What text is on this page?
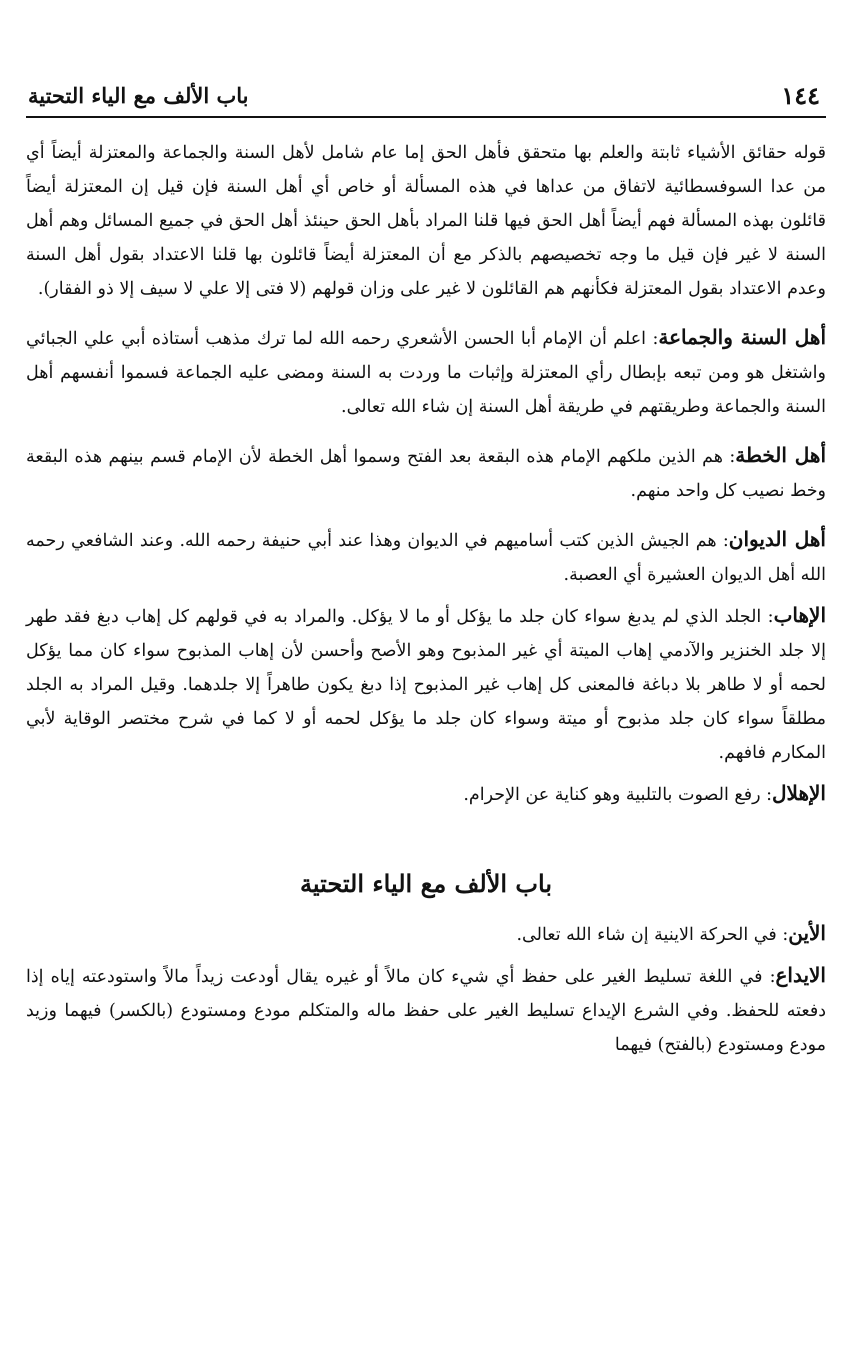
١٤٤
باب الألف مع الياء التحتية

قوله حقائق الأشياء ثابتة والعلم بها متحقق فأهل الحق إما عام شامل لأهل السنة والجماعة والمعتزلة أيضاً أي من عدا السوفسطائية لاتفاق من عداها في هذه المسألة أو خاص أي أهل السنة فإن قيل إن المعتزلة أيضاً قائلون بهذه المسألة فهم أيضاً أهل الحق فيها قلنا المراد بأهل الحق حينئذ أهل الحق في جميع المسائل وهم أهل السنة لا غير فإن قيل ما وجه تخصيصهم بالذكر مع أن المعتزلة أيضاً قائلون بها قلنا الاعتداد بقول أهل السنة وعدم الاعتداد بقول المعتزلة فكأنهم هم القائلون لا غير على وزان قولهم (لا فتى إلا علي لا سيف إلا ذو الفقار).

أهل السنة والجماعة: اعلم أن الإمام أبا الحسن الأشعري رحمه الله لما ترك مذهب أستاذه أبي علي الجبائي واشتغل هو ومن تبعه بإبطال رأي المعتزلة وإثبات ما وردت به السنة ومضى عليه الجماعة فسموا أنفسهم أهل السنة والجماعة وطريقتهم في طريقة أهل السنة إن شاء الله تعالى.

أهل الخطة: هم الذين ملكهم الإمام هذه البقعة بعد الفتح وسموا أهل الخطة لأن الإمام قسم بينهم هذه البقعة وخط نصيب كل واحد منهم.

أهل الديوان: هم الجيش الذين كتب أساميهم في الديوان وهذا عند أبي حنيفة رحمه الله. وعند الشافعي رحمه الله أهل الديوان العشيرة أي العصبة.

الإهاب: الجلد الذي لم يدبغ سواء كان جلد ما يؤكل أو ما لا يؤكل. والمراد به في قولهم كل إهاب دبغ فقد طهر إلا جلد الخنزير والآدمي إهاب الميتة أي غير المذبوح وهو الأصح وأحسن لأن إهاب المذبوح سواء كان مما يؤكل لحمه أو لا طاهر بلا دباغة فالمعنى كل إهاب غير المذبوح إذا دبغ يكون طاهراً إلا جلدهما. وقيل المراد به الجلد مطلقاً سواء كان جلد مذبوح أو ميتة وسواء كان جلد ما يؤكل لحمه أو لا كما في شرح مختصر الوقاية لأبي المكارم فافهم.

الإهلال: رفع الصوت بالتلبية وهو كناية عن الإحرام.

باب الألف مع الياء التحتية

الأين: في الحركة الاينية إن شاء الله تعالى.

الايداع: في اللغة تسليط الغير على حفظ أي شيء كان مالاً أو غيره يقال أودعت زيداً مالاً واستودعته إياه إذا دفعته للحفظ. وفي الشرع الإيداع تسليط الغير على حفظ ماله والمتكلم مودع ومستودع (بالكسر) فيهما وزيد مودع ومستودع (بالفتح) فيهما
